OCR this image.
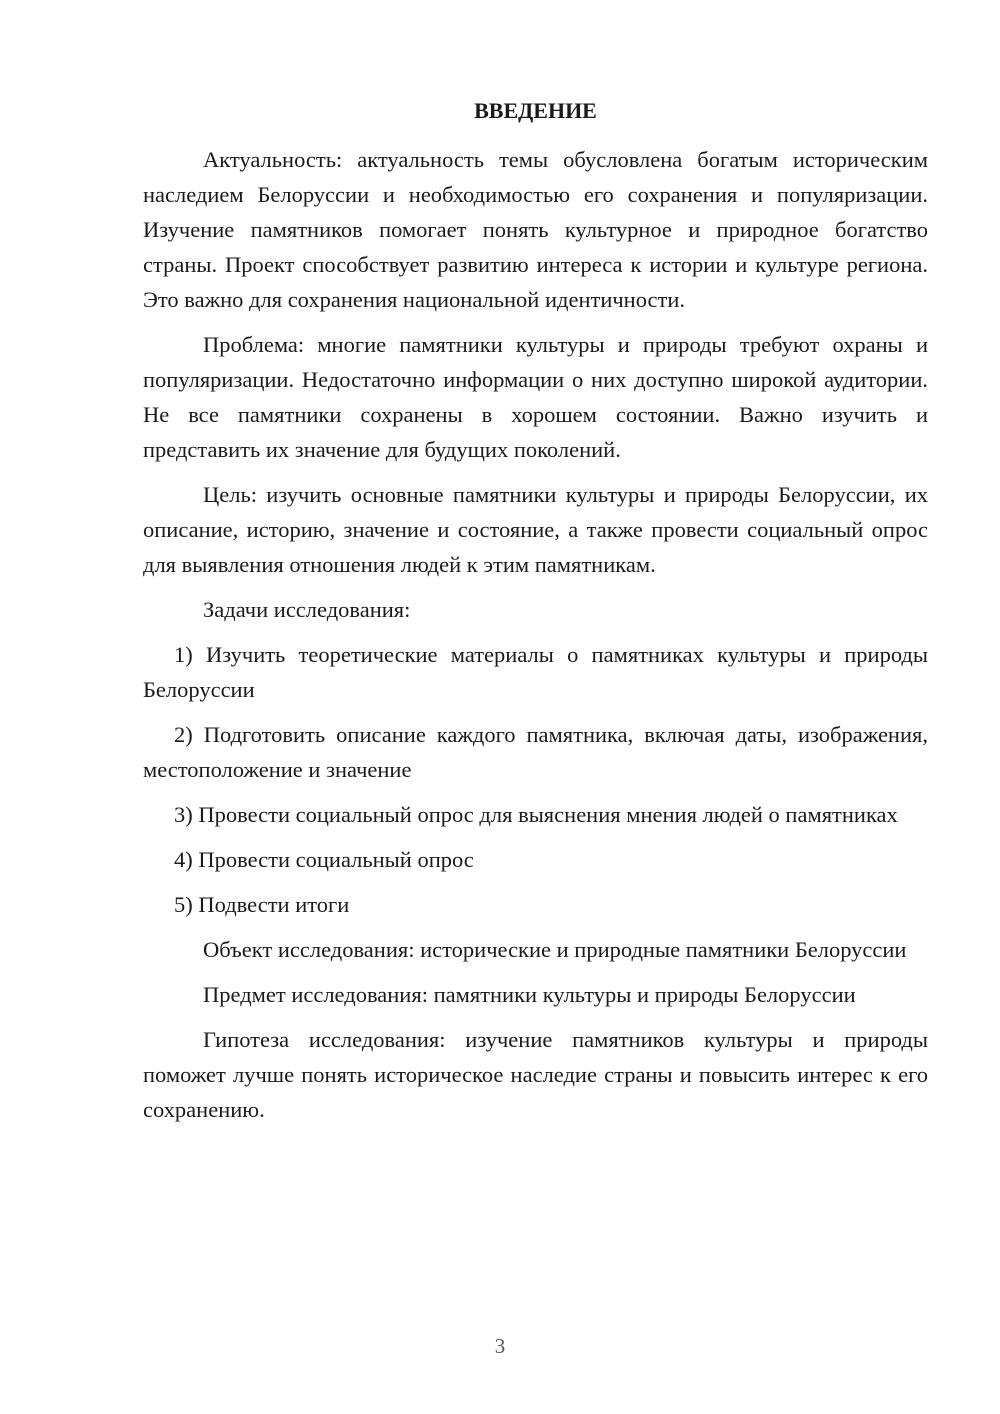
ВВЕДЕНИЕ

Актуальность: актуальность темы обусловлена богатым историческим наследием Белоруссии и необходимостью его сохранения и популяризации. Изучение памятников помогает понять культурное и природное богатство страны. Проект способствует развитию интереса к истории и культуре региона. Это важно для сохранения национальной идентичности.

Проблема: многие памятники культуры и природы требуют охраны и популяризации. Недостаточно информации о них доступно широкой аудитории. Не все памятники сохранены в хорошем состоянии. Важно изучить и представить их значение для будущих поколений.

Цель: изучить основные памятники культуры и природы Белоруссии, их описание, историю, значение и состояние, а также провести социальный опрос для выявления отношения людей к этим памятникам.

Задачи исследования:

1) Изучить теоретические материалы о памятниках культуры и природы Белоруссии

2) Подготовить описание каждого памятника, включая даты, изображения, местоположение и значение

3) Провести социальный опрос для выяснения мнения людей о памятниках

4) Провести социальный опрос

5) Подвести итоги

Объект исследования: исторические и природные памятники Белоруссии

Предмет исследования: памятники культуры и природы Белоруссии

Гипотеза исследования: изучение памятников культуры и природы поможет лучше понять историческое наследие страны и повысить интерес к его сохранению.

3
